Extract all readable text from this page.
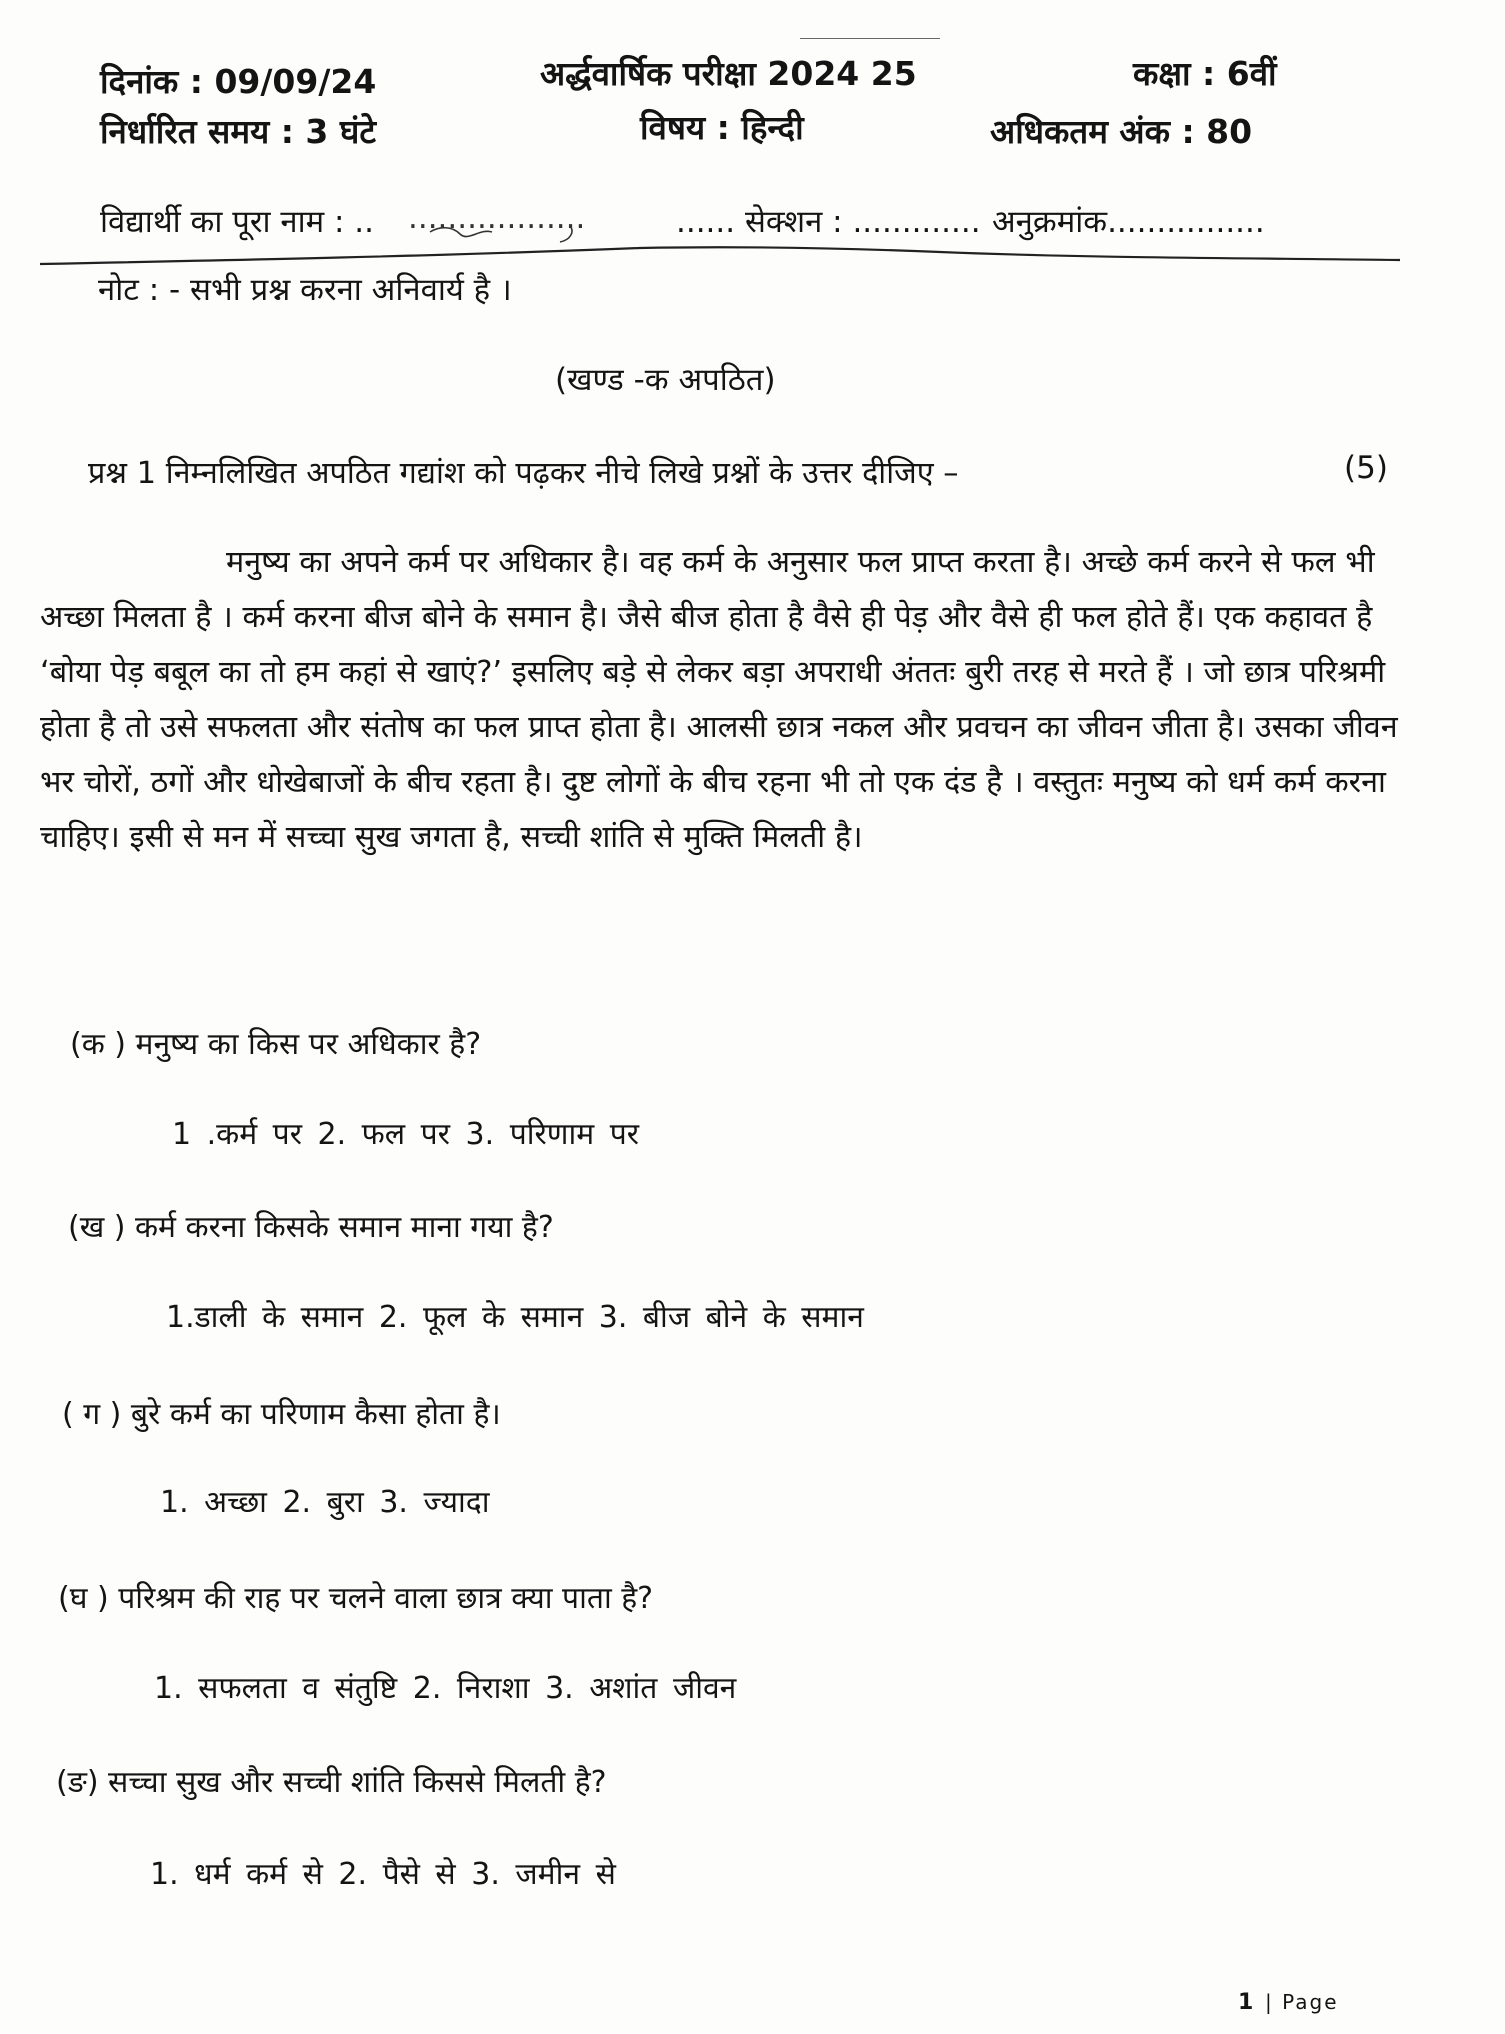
दिनांक : 09/09/24	अर्द्धवार्षिक परीक्षा 2024 25	कक्षा : 6वीं
निर्धारित समय : 3 घंटे	विषय : हिन्दी	अधिकतम अंक : 80
विद्यार्थी का पूरा नाम : .. ..................	...... सेक्शन : ............. अनुक्रमांक................
नोट : - सभी प्रश्न करना अनिवार्य है ।
(खण्ड -क अपठित)
प्रश्न 1 निम्नलिखित अपठित गद्यांश को पढ़कर नीचे लिखे प्रश्नों के उत्तर दीजिए –	(5)
मनुष्य का अपने कर्म पर अधिकार है। वह कर्म के अनुसार फल प्राप्त करता है। अच्छे कर्म करने से फल भी अच्छा मिलता है । कर्म करना बीज बोने के समान है। जैसे बीज होता है वैसे ही पेड़ और वैसे ही फल होते हैं। एक कहावत है ‘बोया पेड़ बबूल का तो हम कहां से खाएं?’ इसलिए बड़े से लेकर बड़ा अपराधी अंततः बुरी तरह से मरते हैं । जो छात्र परिश्रमी होता है तो उसे सफलता और संतोष का फल प्राप्त होता है। आलसी छात्र नकल और प्रवचन का जीवन जीता है। उसका जीवन भर चोरों, ठगों और धोखेबाजों के बीच रहता है। दुष्ट लोगों के बीच रहना भी तो एक दंड है । वस्तुतः मनुष्य को धर्म कर्म करना चाहिए। इसी से मन में सच्चा सुख जगता है, सच्ची शांति से मुक्ति मिलती है।
(क ) मनुष्य का किस पर अधिकार है?
1 .कर्म पर 2. फल पर 3. परिणाम पर
(ख ) कर्म करना किसके समान माना गया है?
1.डाली के समान 2. फूल के समान 3. बीज बोने के समान
( ग ) बुरे कर्म का परिणाम कैसा होता है।
1. अच्छा 2. बुरा 3. ज्यादा
(घ ) परिश्रम की राह पर चलने वाला छात्र क्या पाता है?
1. सफलता व संतुष्टि 2. निराशा 3. अशांत जीवन
(ङ) सच्चा सुख और सच्ची शांति किससे मिलती है?
1. धर्म कर्म से 2. पैसे से 3. जमीन से
1 | Page
